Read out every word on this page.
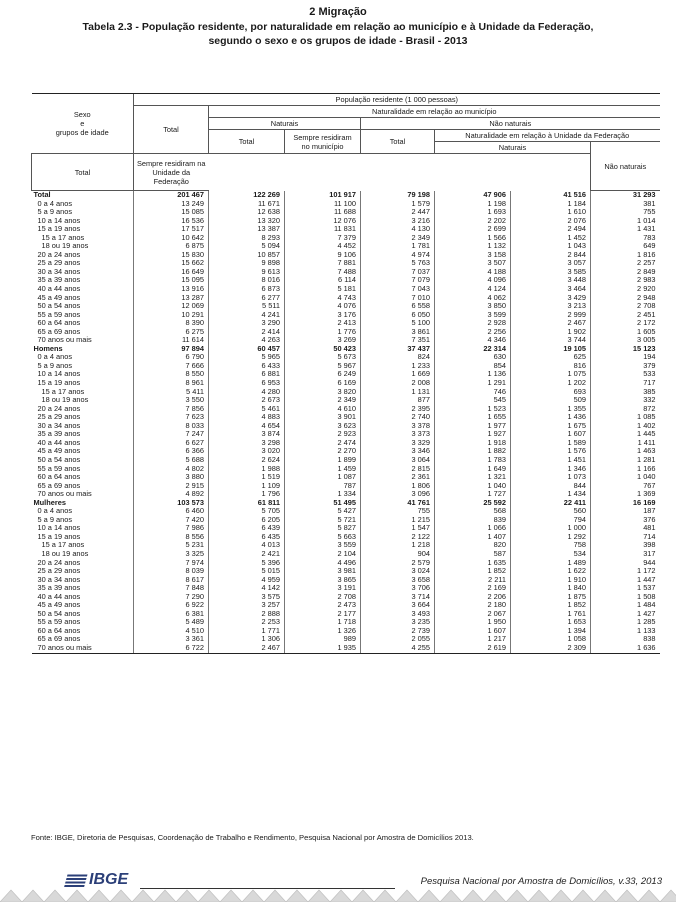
2 Migração
Tabela 2.3 - População residente, por naturalidade em relação ao município e à Unidade da Federação,
segundo o sexo e os grupos de idade - Brasil - 2013
Sexo
e
grupos de idade	População residente (1 000 pessoas)						
	Total	Naturalidade em relação ao município					
		Naturais		Não naturais			
		Total	Sempre residiram no município	Total	Naturalidade em relação à Unidade da Federação		
					Naturais		Não naturais
Total	Sempre residiram na Unidade da Federação						
Total	201 467	122 269	101 917	79 198	47 906	41 516	31 293
0 a 4 anos	13 249	11 671	11 100	1 579	1 198	1 184	381
5 a 9 anos	15 085	12 638	11 688	2 447	1 693	1 610	755
10 a 14 anos	16 536	13 320	12 076	3 216	2 202	2 076	1 014
15 a 19 anos	17 517	13 387	11 831	4 130	2 699	2 494	1 431
15 a 17 anos	10 642	8 293	7 379	2 349	1 566	1 452	783
18 ou 19 anos	6 875	5 094	4 452	1 781	1 132	1 043	649
20 a 24 anos	15 830	10 857	9 106	4 974	3 158	2 844	1 816
25 a 29 anos	15 662	9 898	7 881	5 763	3 507	3 057	2 257
30 a 34 anos	16 649	9 613	7 488	7 037	4 188	3 585	2 849
35 a 39 anos	15 095	8 016	6 114	7 079	4 096	3 448	2 983
40 a 44 anos	13 916	6 873	5 181	7 043	4 124	3 464	2 920
45 a 49 anos	13 287	6 277	4 743	7 010	4 062	3 429	2 948
50 a 54 anos	12 069	5 511	4 076	6 558	3 850	3 213	2 708
55 a 59 anos	10 291	4 241	3 176	6 050	3 599	2 999	2 451
60 a 64 anos	8 390	3 290	2 413	5 100	2 928	2 467	2 172
65 a 69 anos	6 275	2 414	1 776	3 861	2 256	1 902	1 605
70 anos ou mais	11 614	4 263	3 269	7 351	4 346	3 744	3 005
Homens	97 894	60 457	50 423	37 437	22 314	19 105	15 123
0 a 4 anos	6 790	5 965	5 673	824	630	625	194
5 a 9 anos	7 666	6 433	5 967	1 233	854	816	379
10 a 14 anos	8 550	6 881	6 249	1 669	1 136	1 075	533
15 a 19 anos	8 961	6 953	6 169	2 008	1 291	1 202	717
15 a 17 anos	5 411	4 280	3 820	1 131	746	693	385
18 ou 19 anos	3 550	2 673	2 349	877	545	509	332
20 a 24 anos	7 856	5 461	4 610	2 395	1 523	1 355	872
25 a 29 anos	7 623	4 883	3 901	2 740	1 655	1 436	1 085
30 a 34 anos	8 033	4 654	3 623	3 378	1 977	1 675	1 402
35 a 39 anos	7 247	3 874	2 923	3 373	1 927	1 607	1 445
40 a 44 anos	6 627	3 298	2 474	3 329	1 918	1 589	1 411
45 a 49 anos	6 366	3 020	2 270	3 346	1 882	1 576	1 463
50 a 54 anos	5 688	2 624	1 899	3 064	1 783	1 451	1 281
55 a 59 anos	4 802	1 988	1 459	2 815	1 649	1 346	1 166
60 a 64 anos	3 880	1 519	1 087	2 361	1 321	1 073	1 040
65 a 69 anos	2 915	1 109	787	1 806	1 040	844	767
70 anos ou mais	4 892	1 796	1 334	3 096	1 727	1 434	1 369
Mulheres	103 573	61 811	51 495	41 761	25 592	22 411	16 169
0 a 4 anos	6 460	5 705	5 427	755	568	560	187
5 a 9 anos	7 420	6 205	5 721	1 215	839	794	376
10 a 14 anos	7 986	6 439	5 827	1 547	1 066	1 000	481
15 a 19 anos	8 556	6 435	5 663	2 122	1 407	1 292	714
15 a 17 anos	5 231	4 013	3 559	1 218	820	758	398
18 ou 19 anos	3 325	2 421	2 104	904	587	534	317
20 a 24 anos	7 974	5 396	4 496	2 579	1 635	1 489	944
25 a 29 anos	8 039	5 015	3 981	3 024	1 852	1 622	1 172
30 a 34 anos	8 617	4 959	3 865	3 658	2 211	1 910	1 447
35 a 39 anos	7 848	4 142	3 191	3 706	2 169	1 840	1 537
40 a 44 anos	7 290	3 575	2 708	3 714	2 206	1 875	1 508
45 a 49 anos	6 922	3 257	2 473	3 664	2 180	1 852	1 484
50 a 54 anos	6 381	2 888	2 177	3 493	2 067	1 761	1 427
55 a 59 anos	5 489	2 253	1 718	3 235	1 950	1 653	1 285
60 a 64 anos	4 510	1 771	1 326	2 739	1 607	1 394	1 133
65 a 69 anos	3 361	1 306	989	2 055	1 217	1 058	838
70 anos ou mais	6 722	2 467	1 935	4 255	2 619	2 309	1 636
Fonte: IBGE, Diretoria de Pesquisas, Coordenação de Trabalho e Rendimento, Pesquisa Nacional por Amostra de Domicílios 2013.
IBGE	Pesquisa Nacional por Amostra de Domicílios, v.33, 2013
